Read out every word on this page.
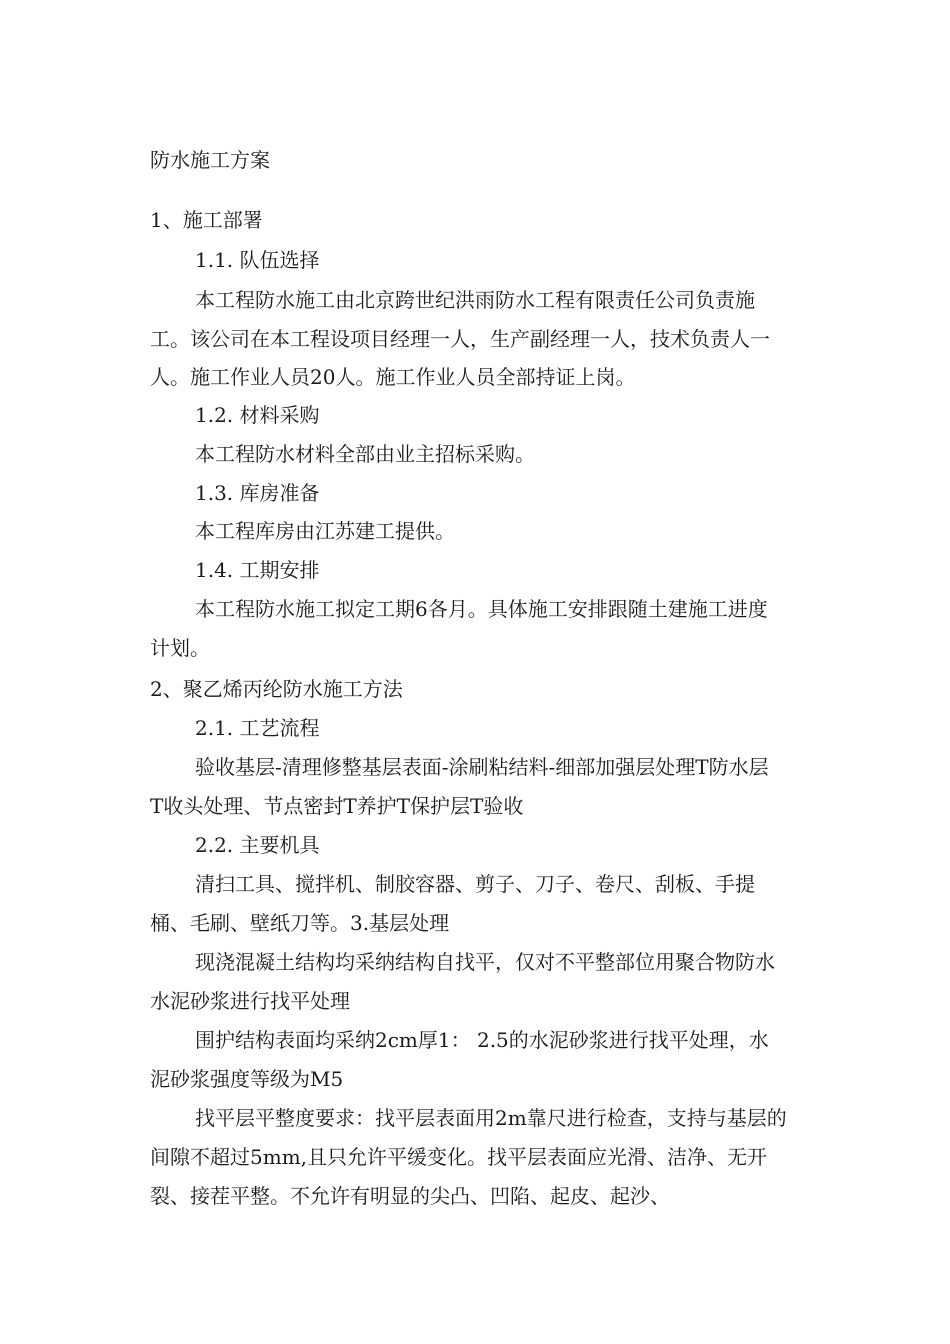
防水施工方案
1、施工部署
1.1. 队伍选择
本工程防水施工由北京跨世纪洪雨防水工程有限责任公司负责施
工。该公司在本工程设项目经理一人，生产副经理一人，技术负责人一
人。施工作业人员20人。施工作业人员全部持证上岗。
1.2. 材料采购
本工程防水材料全部由业主招标采购。
1.3. 库房准备
本工程库房由江苏建工提供。
1.4. 工期安排
本工程防水施工拟定工期6各月。具体施工安排跟随土建施工进度
计划。
2、聚乙烯丙纶防水施工方法
2.1. 工艺流程
验收基层-清理修整基层表面-涂刷粘结料-细部加强层处理T防水层
T收头处理、节点密封T养护T保护层T验收
2.2. 主要机具
清扫工具、搅拌机、制胶容器、剪子、刀子、卷尺、刮板、手提
桶、毛刷、壁纸刀等。3.基层处理
现浇混凝土结构均采纳结构自找平，仅对不平整部位用聚合物防水
水泥砂浆进行找平处理
围护结构表面均采纳2cm厚1： 2.5的水泥砂浆进行找平处理，水
泥砂浆强度等级为M5
找平层平整度要求：找平层表面用2m靠尺进行检查，支持与基层的
间隙不超过5mm,且只允许平缓变化。找平层表面应光滑、洁净、无开
裂、接茬平整。不允许有明显的尖凸、凹陷、起皮、起沙、
